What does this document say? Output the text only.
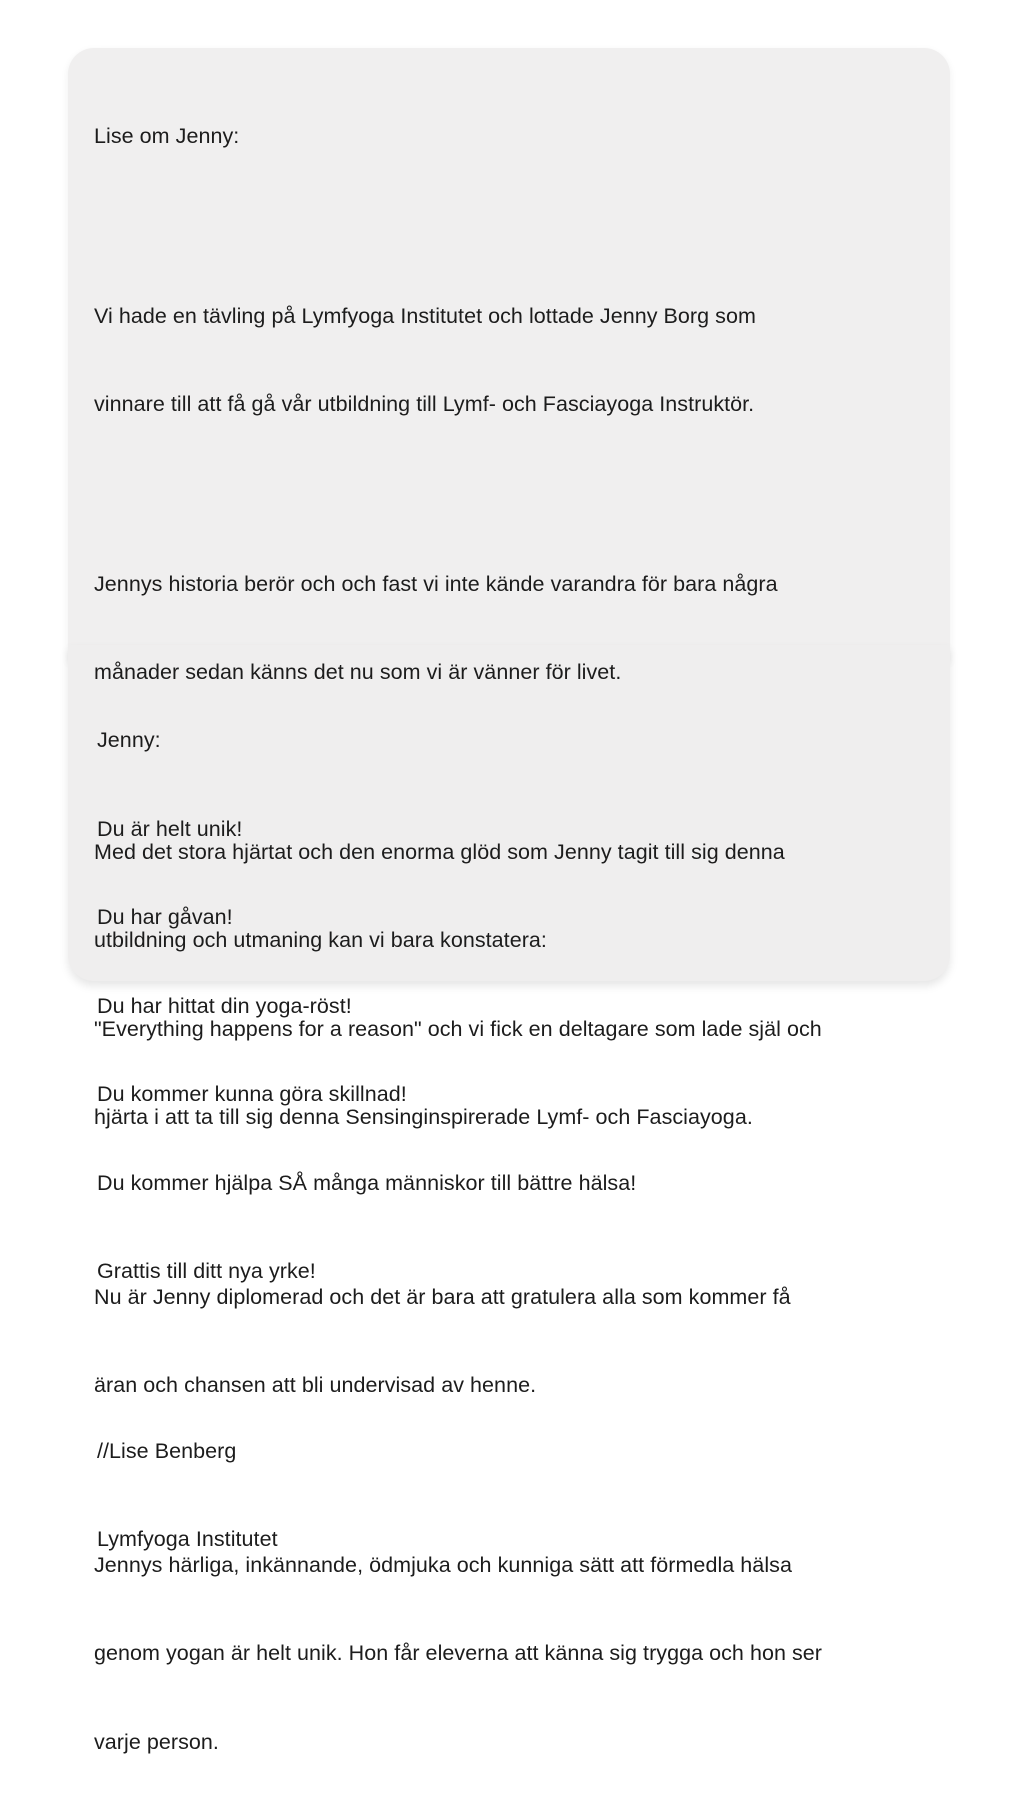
Lise om Jenny:

Vi hade en tävling på Lymfyoga Institutet och lottade Jenny Borg som

vinnare till att få gå vår utbildning till Lymf- och Fasciayoga Instruktör.

Jennys historia berör och och fast vi inte kände varandra för bara några

månader sedan känns det nu som vi är vänner för livet.

Med det stora hjärtat och den enorma glöd som Jenny tagit till sig denna

utbildning och utmaning kan vi bara konstatera:

"Everything happens for a reason" och vi fick en deltagare som lade själ och

hjärta i att ta till sig denna Sensinginspirerade Lymf- och Fasciayoga.

Nu är Jenny diplomerad och det är bara att gratulera alla som kommer få

äran och chansen att bli undervisad av henne.

Jennys härliga, inkännande, ödmjuka och kunniga sätt att förmedla hälsa

genom yogan är helt unik. Hon får eleverna att känna sig trygga och hon ser

varje person.

Jenny:

Du är helt unik!

Du har gåvan!

Du har hittat din yoga-röst!

Du kommer kunna göra skillnad!

Du kommer hjälpa SÅ många människor till bättre hälsa!

Grattis till ditt nya yrke!

//Lise Benberg

Lymfyoga Institutet
